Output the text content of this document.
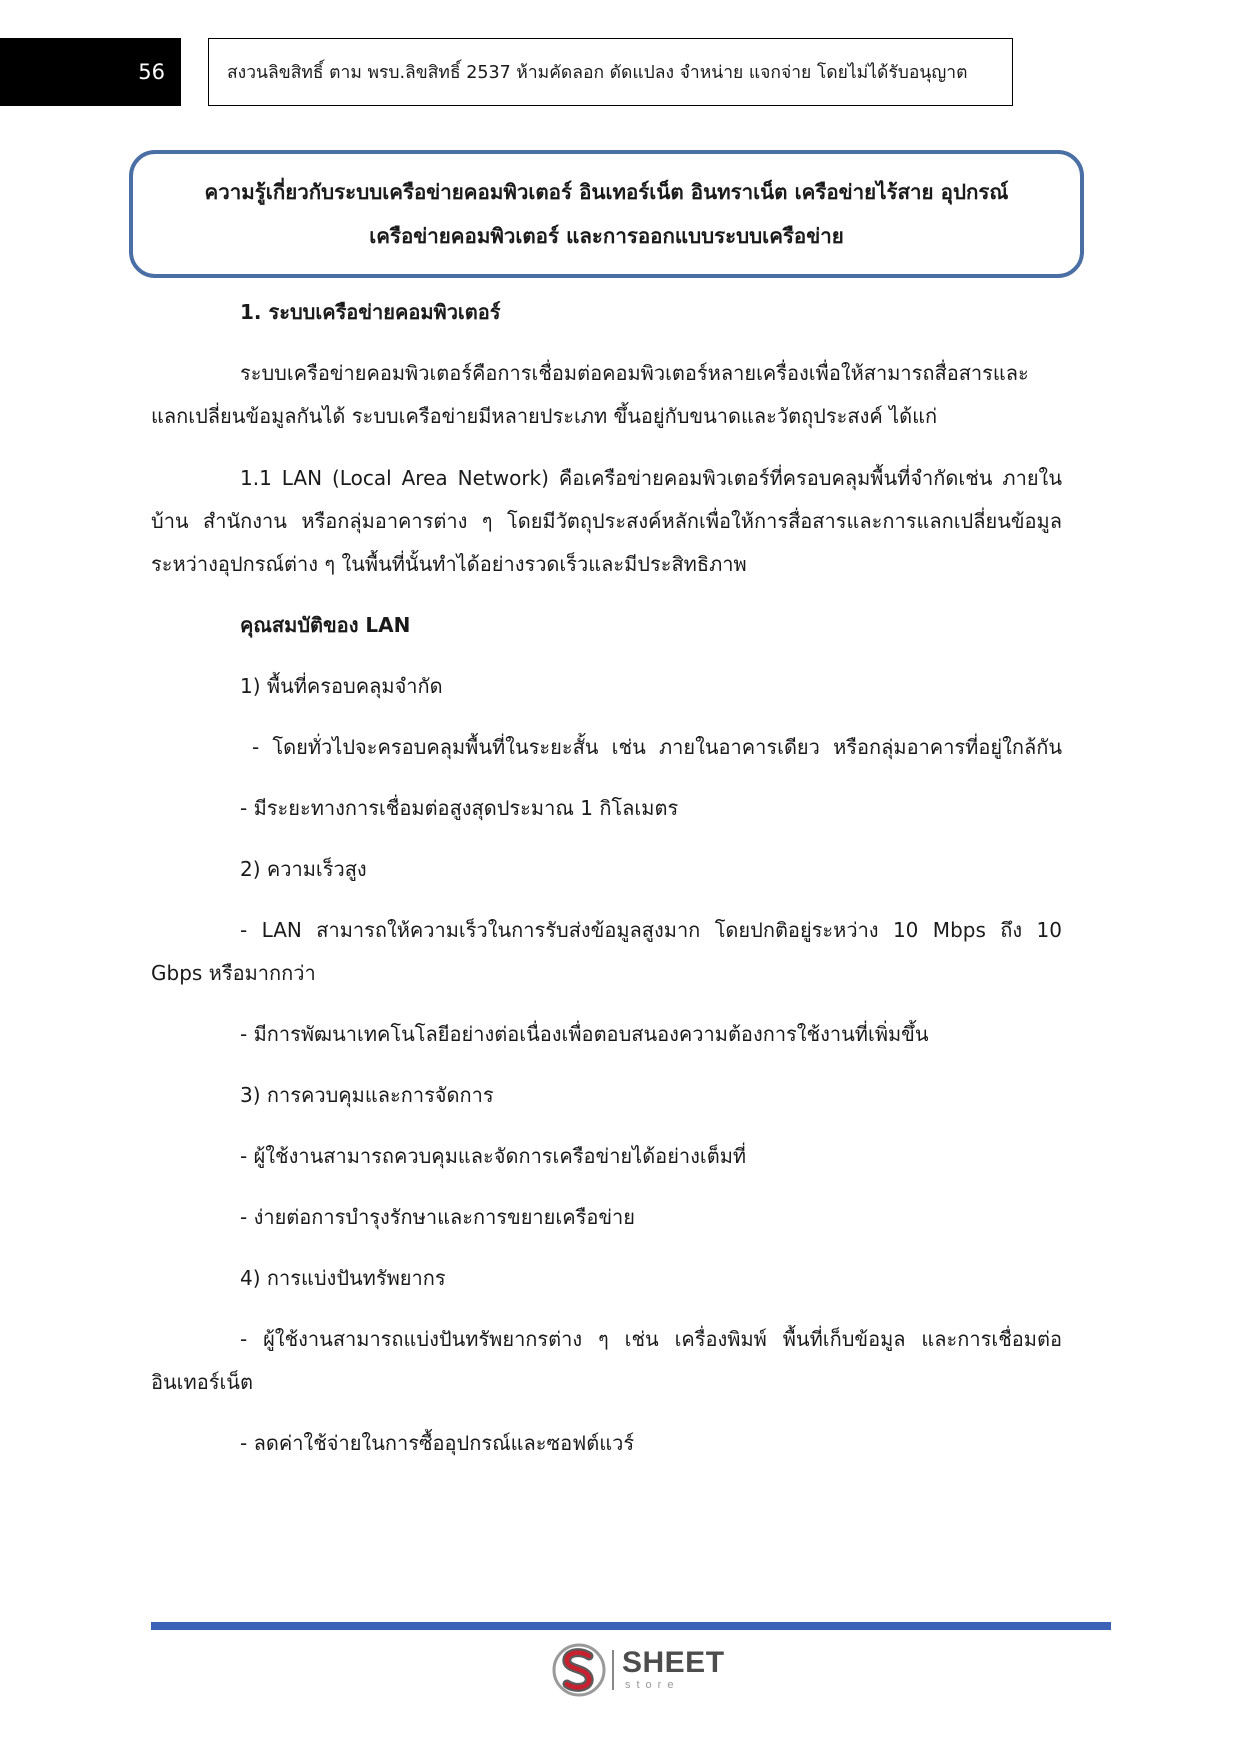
56	สงวนลิขสิทธิ์ ตาม พรบ.ลิขสิทธิ์ 2537 ห้ามคัดลอก ดัดแปลง จำหน่าย แจกจ่าย โดยไม่ได้รับอนุญาต
ความรู้เกี่ยวกับระบบเครือข่ายคอมพิวเตอร์ อินเทอร์เน็ต อินทราเน็ต เครือข่ายไร้สาย อุปกรณ์
เครือข่ายคอมพิวเตอร์ และการออกแบบระบบเครือข่าย
1. ระบบเครือข่ายคอมพิวเตอร์
ระบบเครือข่ายคอมพิวเตอร์คือการเชื่อมต่อคอมพิวเตอร์หลายเครื่องเพื่อให้สามารถสื่อสารและ
แลกเปลี่ยนข้อมูลกันได้ ระบบเครือข่ายมีหลายประเภท ขึ้นอยู่กับขนาดและวัตถุประสงค์ ได้แก่
1.1 LAN (Local Area Network) คือเครือข่ายคอมพิวเตอร์ที่ครอบคลุมพื้นที่จำกัดเช่น ภายใน
บ้าน สำนักงาน หรือกลุ่มอาคารต่าง ๆ โดยมีวัตถุประสงค์หลักเพื่อให้การสื่อสารและการแลกเปลี่ยนข้อมูล
ระหว่างอุปกรณ์ต่าง ๆ ในพื้นที่นั้นทำได้อย่างรวดเร็วและมีประสิทธิภาพ
คุณสมบัติของ LAN
1) พื้นที่ครอบคลุมจำกัด
- โดยทั่วไปจะครอบคลุมพื้นที่ในระยะสั้น เช่น ภายในอาคารเดียว หรือกลุ่มอาคารที่อยู่ใกล้กัน
- มีระยะทางการเชื่อมต่อสูงสุดประมาณ 1 กิโลเมตร
2) ความเร็วสูง
- LAN สามารถให้ความเร็วในการรับส่งข้อมูลสูงมาก โดยปกติอยู่ระหว่าง 10 Mbps ถึง 10
Gbps หรือมากกว่า
- มีการพัฒนาเทคโนโลยีอย่างต่อเนื่องเพื่อตอบสนองความต้องการใช้งานที่เพิ่มขึ้น
3) การควบคุมและการจัดการ
- ผู้ใช้งานสามารถควบคุมและจัดการเครือข่ายได้อย่างเต็มที่
- ง่ายต่อการบำรุงรักษาและการขยายเครือข่าย
4) การแบ่งปันทรัพยากร
- ผู้ใช้งานสามารถแบ่งปันทรัพยากรต่าง ๆ เช่น เครื่องพิมพ์ พื้นที่เก็บข้อมูล และการเชื่อมต่อ
อินเทอร์เน็ต
- ลดค่าใช้จ่ายในการซื้ออุปกรณ์และซอฟต์แวร์
SHEET
store
